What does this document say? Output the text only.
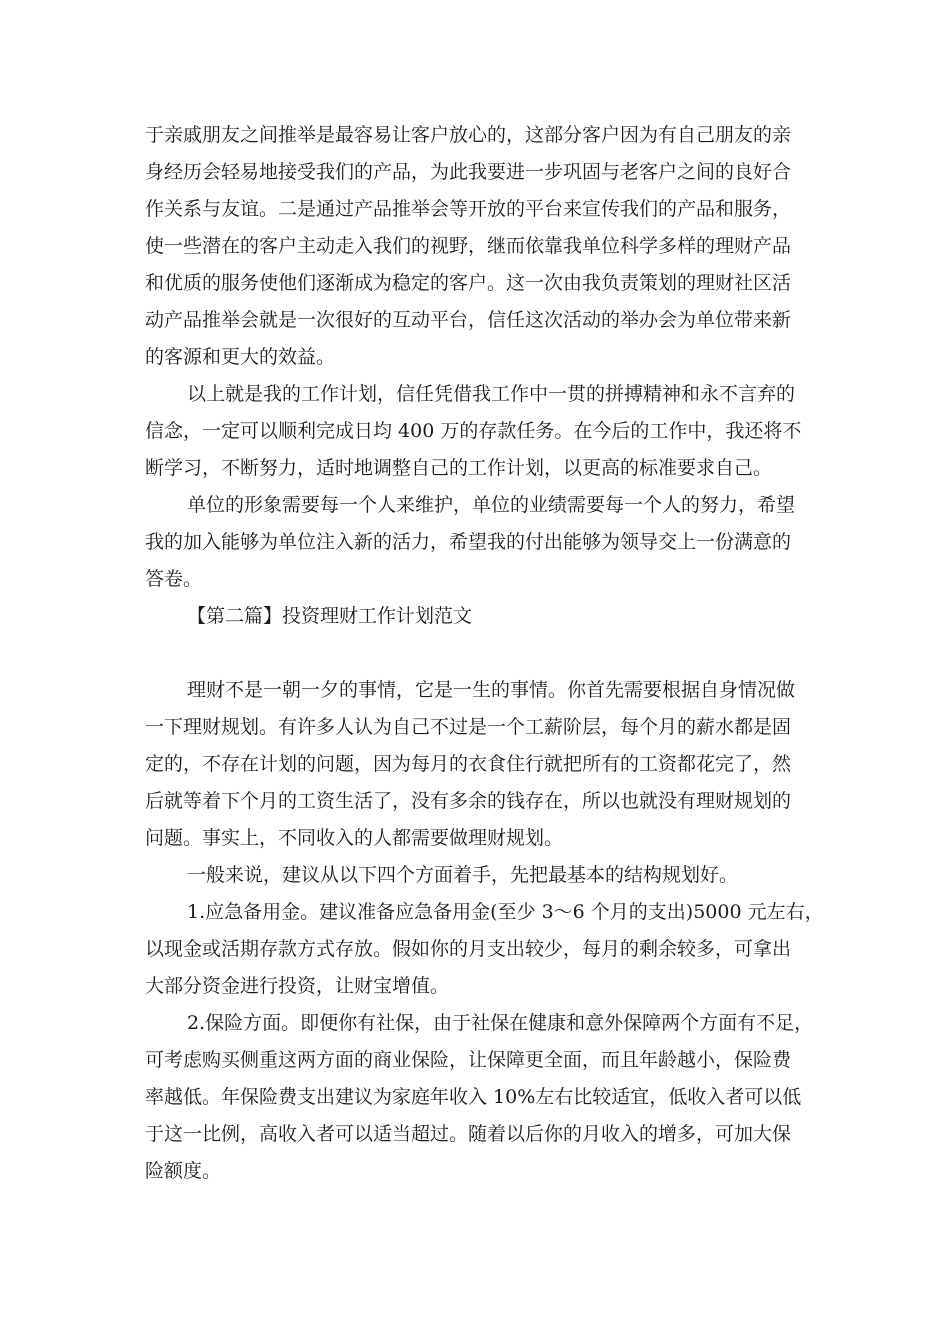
于亲戚朋友之间推举是最容易让客户放心的，这部分客户因为有自己朋友的亲
身经历会轻易地接受我们的产品，为此我要进一步巩固与老客户之间的良好合
作关系与友谊。二是通过产品推举会等开放的平台来宣传我们的产品和服务，
使一些潜在的客户主动走入我们的视野，继而依靠我单位科学多样的理财产品
和优质的服务使他们逐渐成为稳定的客户。这一次由我负责策划的理财社区活
动产品推举会就是一次很好的互动平台，信任这次活动的举办会为单位带来新
的客源和更大的效益。
以上就是我的工作计划，信任凭借我工作中一贯的拼搏精神和永不言弃的
信念，一定可以顺利完成日均 400 万的存款任务。在今后的工作中，我还将不
断学习，不断努力，适时地调整自己的工作计划，以更高的标准要求自己。
单位的形象需要每一个人来维护，单位的业绩需要每一个人的努力，希望
我的加入能够为单位注入新的活力，希望我的付出能够为领导交上一份满意的
答卷。
【第二篇】投资理财工作计划范文
理财不是一朝一夕的事情，它是一生的事情。你首先需要根据自身情况做
一下理财规划。有许多人认为自己不过是一个工薪阶层，每个月的薪水都是固
定的，不存在计划的问题，因为每月的衣食住行就把所有的工资都花完了，然
后就等着下个月的工资生活了，没有多余的钱存在，所以也就没有理财规划的
问题。事实上，不同收入的人都需要做理财规划。
一般来说，建议从以下四个方面着手，先把最基本的结构规划好。
1.应急备用金。建议准备应急备用金(至少 3～6 个月的支出)5000 元左右，
以现金或活期存款方式存放。假如你的月支出较少，每月的剩余较多，可拿出
大部分资金进行投资，让财宝增值。
2.保险方面。即便你有社保，由于社保在健康和意外保障两个方面有不足，
可考虑购买侧重这两方面的商业保险，让保障更全面，而且年龄越小，保险费
率越低。年保险费支出建议为家庭年收入 10%左右比较适宜，低收入者可以低
于这一比例，高收入者可以适当超过。随着以后你的月收入的增多，可加大保
险额度。
